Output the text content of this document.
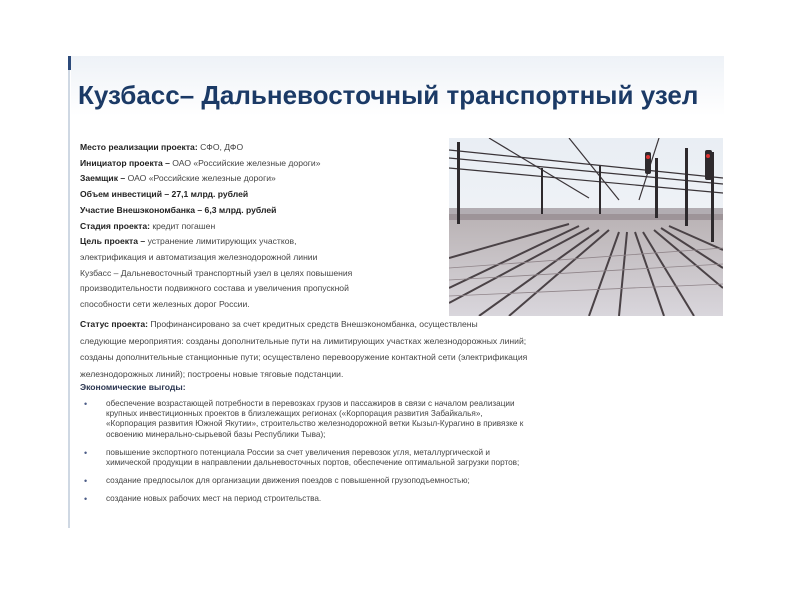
Кузбасс– Дальневосточный транспортный узел
Место реализации проекта: СФО, ДФО
Инициатор проекта – ОАО «Российские железные дороги»
Заемщик – ОАО «Российские железные дороги»
Объем инвестиций – 27,1 млрд. рублей
Участие Внешэкономбанка – 6,3 млрд. рублей
Стадия проекта: кредит погашен
Цель проекта – устранение лимитирующих участков,
электрификация и автоматизация железнодорожной линии
Кузбасс – Дальневосточный транспортный узел в целях повышения
производительности подвижного состава и увеличения пропускной
способности сети железных дорог России.
Статус проекта: Профинансировано за счет кредитных средств Внешэкономбанка, осуществлены
следующие мероприятия: созданы дополнительные пути на лимитирующих участках железнодорожных линий;
созданы дополнительные станционные пути; осуществлено перевооружение контактной сети (электрификация
железнодорожных линий); построены новые тяговые подстанции.
Экономические выгоды:
• обеспечение возрастающей потребности в перевозках грузов и пассажиров в связи с началом реализации
крупных инвестиционных проектов в близлежащих регионах («Корпорация развития Забайкалья»,
«Корпорация развития Южной Якутии», строительство железнодорожной ветки Кызыл-Курагино в привязке к
освоению минерально-сырьевой базы Республики Тыва);
• повышение экспортного потенциала России за счет увеличения перевозок угля, металлургической и
химической продукции в направлении дальневосточных портов, обеспечение оптимальной загрузки портов;
• создание предпосылок для организации движения поездов с повышенной грузоподъемностью;
• создание новых рабочих мест на период строительства.
